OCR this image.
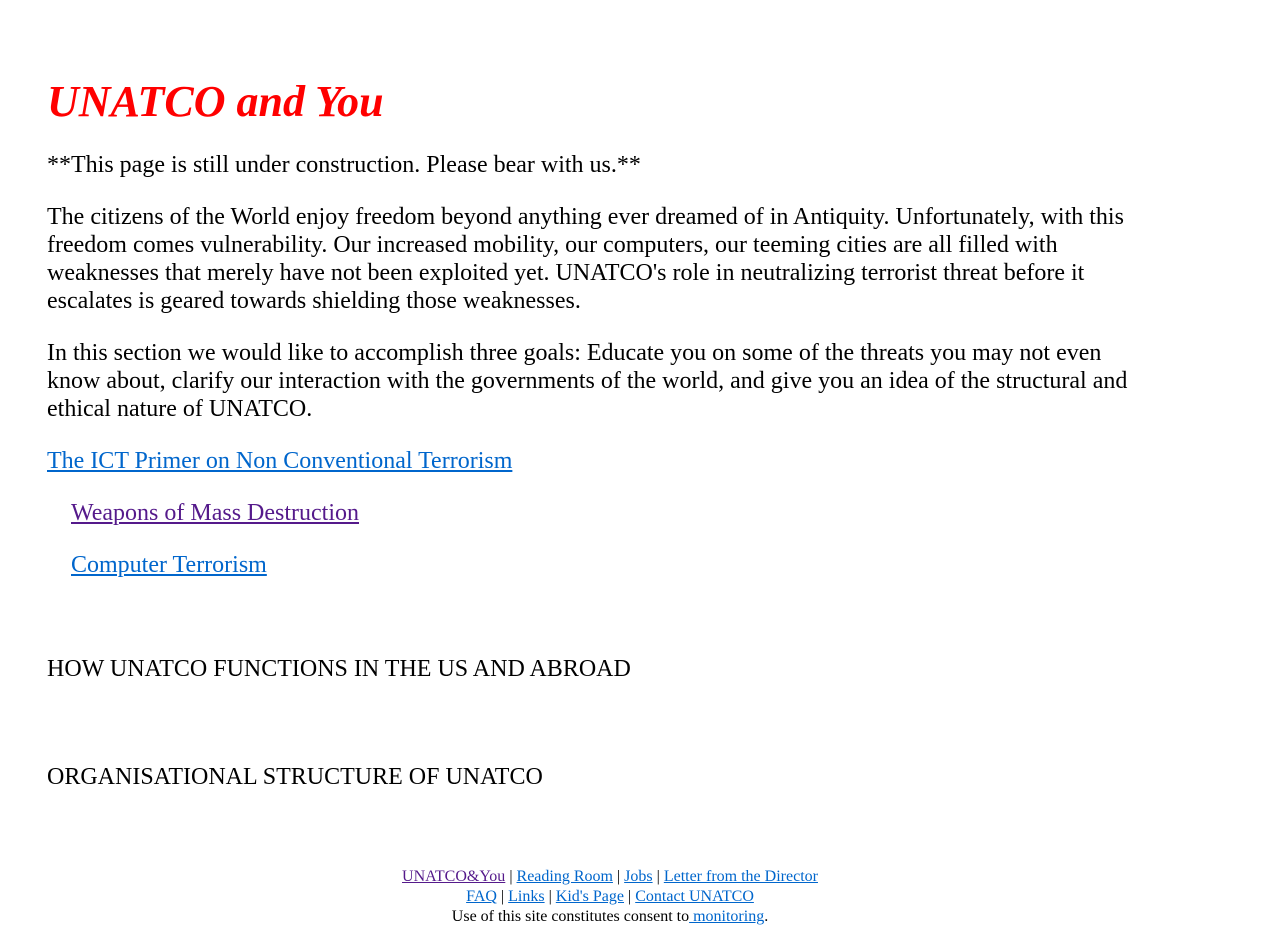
UNATCO and You

**This page is still under construction. Please bear with us.**

The citizens of the World enjoy freedom beyond anything ever dreamed of in Antiquity. Unfortunately, with this freedom comes vulnerability. Our increased mobility, our computers, our teeming cities are all filled with weaknesses that merely have not been exploited yet. UNATCO's role in neutralizing terrorist threat before it escalates is geared towards shielding those weaknesses.

In this section we would like to accomplish three goals: Educate you on some of the threats you may not even know about, clarify our interaction with the governments of the world, and give you an idea of the structural and ethical nature of UNATCO.

The ICT Primer on Non Conventional Terrorism

Weapons of Mass Destruction

Computer Terrorism

HOW UNATCO FUNCTIONS IN THE US AND ABROAD
ORGANISATIONAL STRUCTURE OF UNATCO
UNATCO&You | Reading Room | Jobs | Letter from the Director
FAQ | Links | Kid's Page | Contact UNATCO
Use of this site constitutes consent to monitoring.
